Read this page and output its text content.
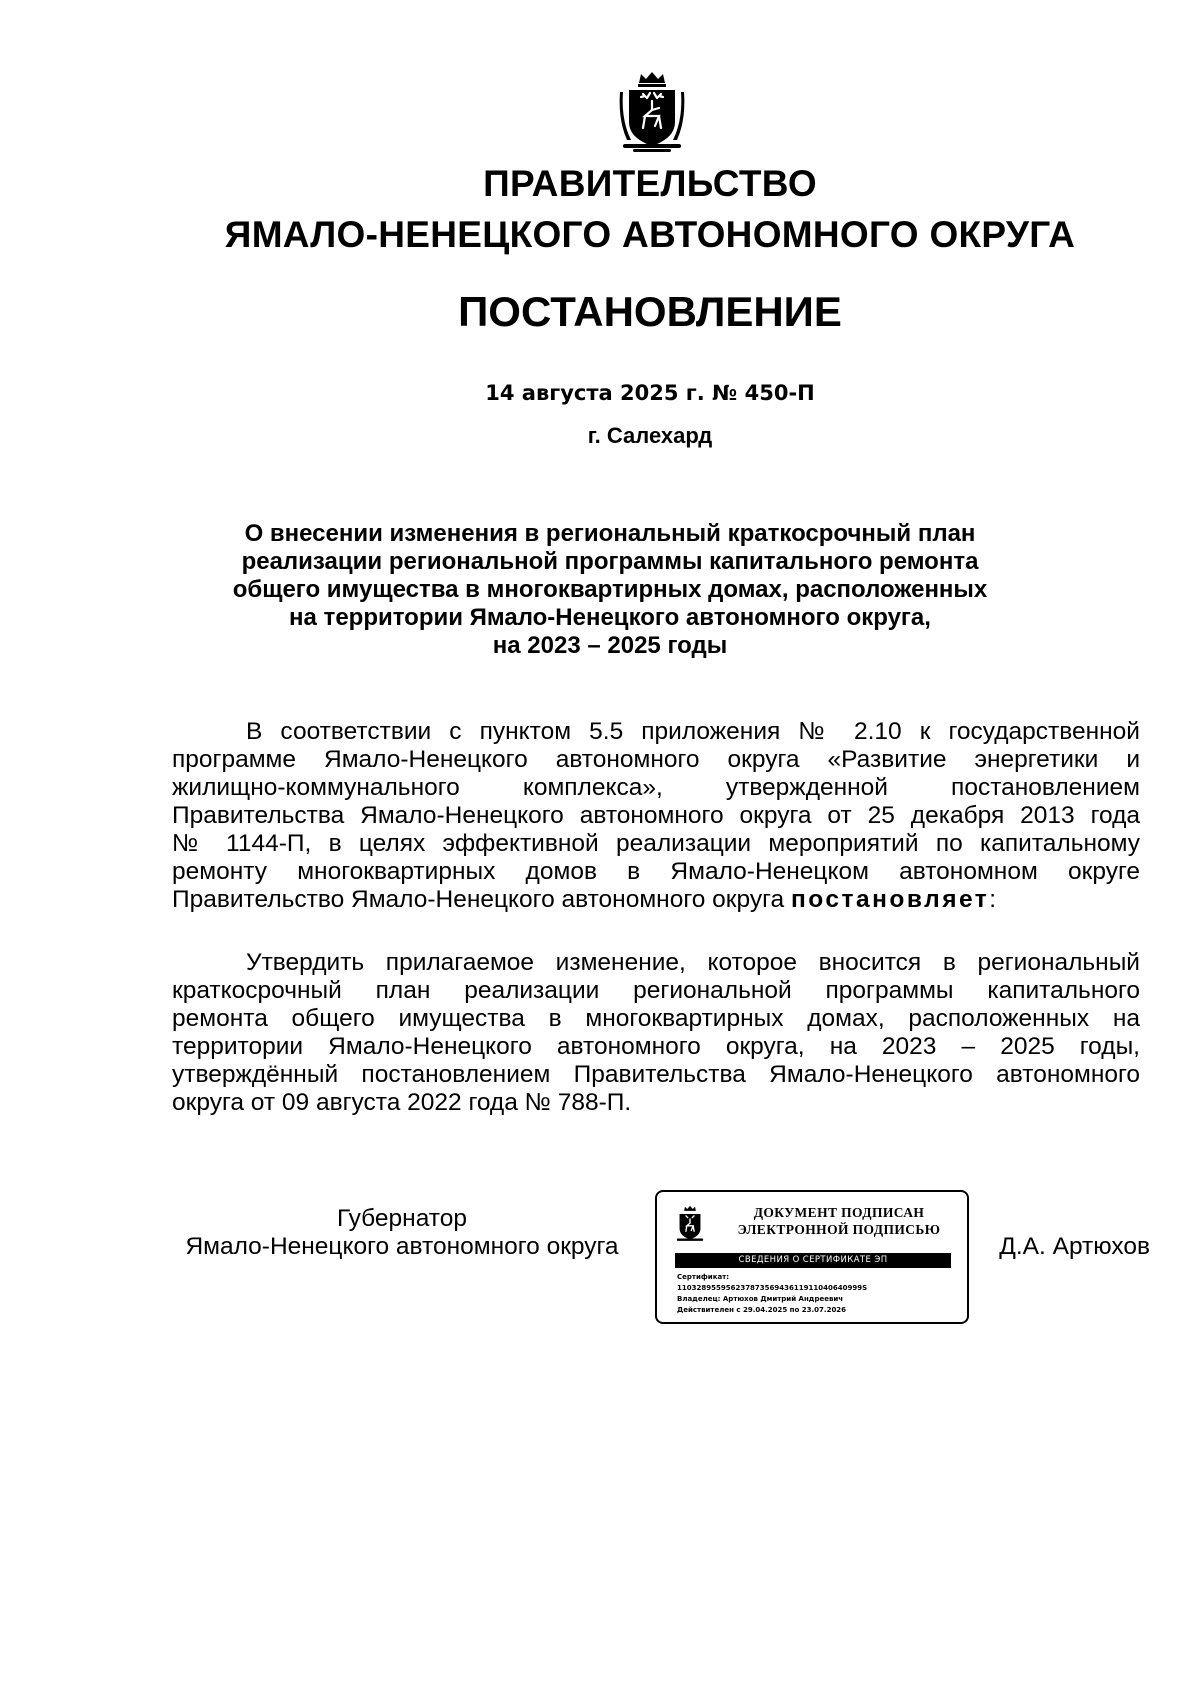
ПРАВИТЕЛЬСТВО
ЯМАЛО-НЕНЕЦКОГО АВТОНОМНОГО ОКРУГА
ПОСТАНОВЛЕНИЕ
14 августа 2025 г. № 450-П
г. Салехард
О внесении изменения в региональный краткосрочный план
реализации региональной программы капитального ремонта
общего имущества в многоквартирных домах, расположенных
на территории Ямало-Ненецкого автономного округа,
на 2023 – 2025 годы
В соответствии с пунктом 5.5 приложения № 2.10 к государственной
программе Ямало-Ненецкого автономного округа «Развитие энергетики и
жилищно-коммунального комплекса», утвержденной постановлением
Правительства Ямало-Ненецкого автономного округа от 25 декабря 2013 года
№ 1144-П, в целях эффективной реализации мероприятий по капитальному
ремонту многоквартирных домов в Ямало-Ненецком автономном округе
Правительство Ямало-Ненецкого автономного округа постановляет:
Утвердить прилагаемое изменение, которое вносится в региональный
краткосрочный план реализации региональной программы капитального
ремонта общего имущества в многоквартирных домах, расположенных на
территории Ямало-Ненецкого автономного округа, на 2023 – 2025 годы,
утверждённый постановлением Правительства Ямало-Ненецкого автономного
округа от 09 августа 2022 года № 788-П.
Губернатор
Ямало-Ненецкого автономного округа
ДОКУМЕНТ ПОДПИСАН
ЭЛЕКТРОННОЙ ПОДПИСЬЮ
СВЕДЕНИЯ О СЕРТИФИКАТЕ ЭП
Сертификат:
11032895595623787356943611911040640999S
Владелец: Артюхов Дмитрий Андреевич
Действителен с 29.04.2025 по 23.07.2026
Д.А. Артюхов
